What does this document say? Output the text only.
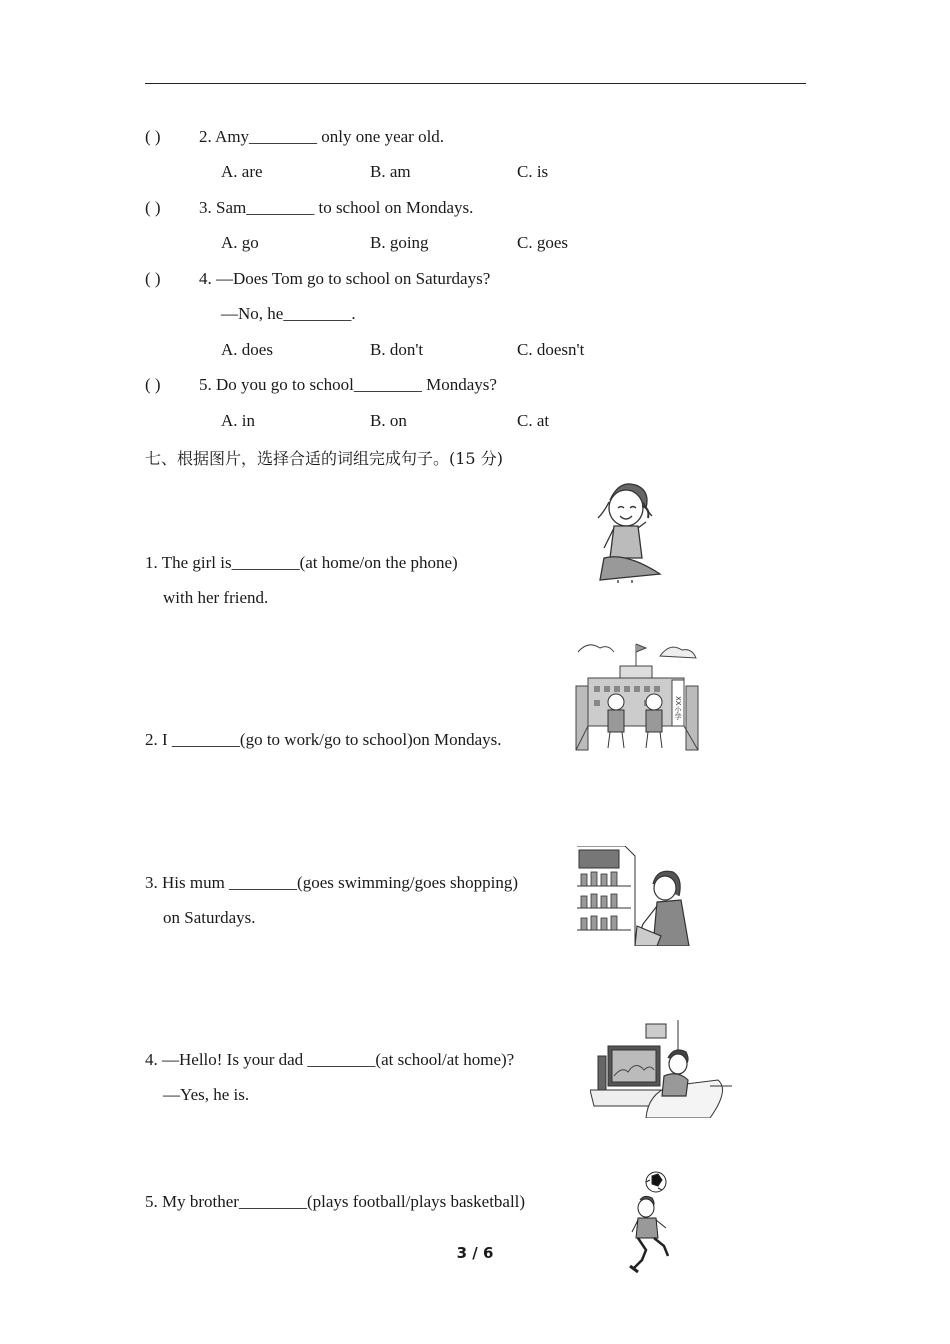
( ) 2. Amy________ only one year old.
A. are	B. am	C. is
( ) 3. Sam________ to school on Mondays.
A. go	B. going	C. goes
( ) 4. —Does Tom go to school on Saturdays?
—No, he________.
A. does	B. don't	C. doesn't
( ) 5. Do you go to school________ Mondays?
A. in	B. on	C. at
七、根据图片，选择合适的词组完成句子。(15 分)
1. The girl is________(at home/on the phone)
with her friend.
2. I ________(go to work/go to school)on Mondays.
XX小学
3. His mum ________(goes swimming/goes shopping)
on Saturdays.
4. —Hello! Is your dad ________(at school/at home)?
—Yes, he is.
5. My brother________(plays football/plays basketball)
3 / 6
